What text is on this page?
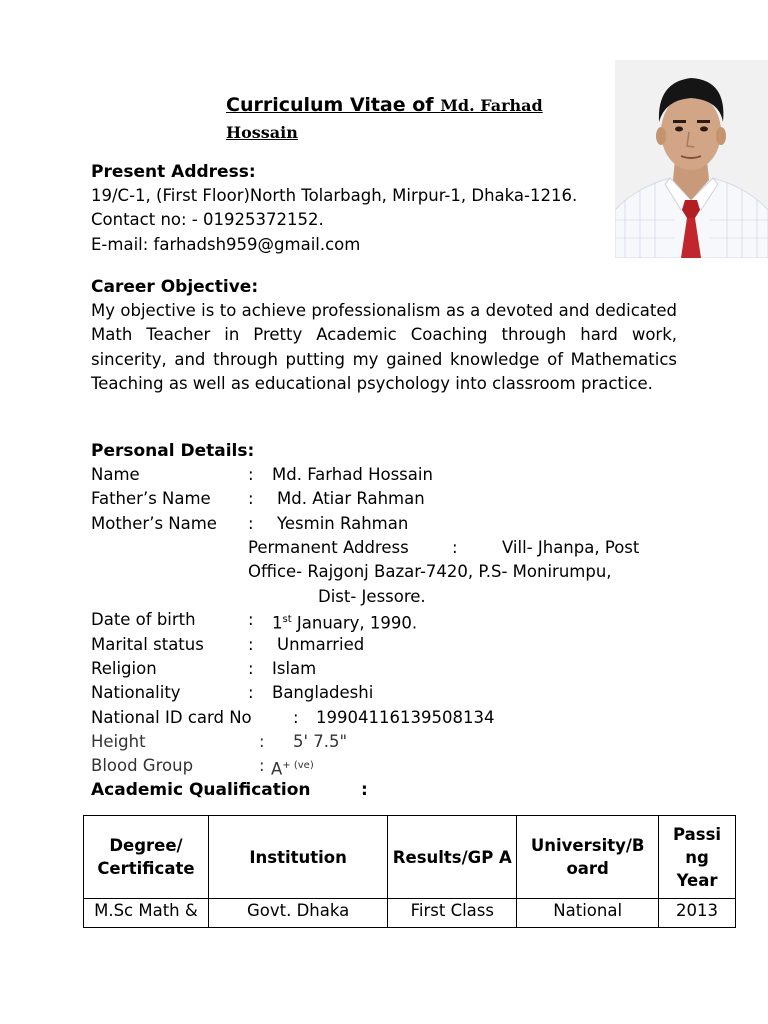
Curriculum Vitae of Md. Farhad
Hossain
Present Address:
19/C-1, (First Floor)North Tolarbagh, Mirpur-1, Dhaka-1216.
Contact no: - 01925372152.
E-mail: farhadsh959@gmail.com
Career Objective:
My objective is to achieve professionalism as a devoted and dedicated Math Teacher in Pretty Academic Coaching through hard work, sincerity, and through putting my gained knowledge of Mathematics Teaching as well as educational psychology into classroom practice.
Personal Details:
Name	: Md. Farhad Hossain
Father’s Name : Md. Atiar Rahman
Mother’s Name : Yesmin Rahman
Permanent Address	:	Vill- Jhanpa, Post
Office- Rajgonj Bazar-7420, P.S- Monirumpu,
Dist- Jessore.
Date of birth	: 1st January, 1990.
Marital status	: Unmarried
Religion	: Islam
Nationality	: Bangladeshi
National ID card No	: 19904116139508134
Height	: 5' 7.5"
Blood Group	: $A^{+ (ve)}$
Academic Qualification	:
Degree/ Certificate	Institution	Results/GP A	University/B oard	Passi ng Year
M.Sc Math &	Govt. Dhaka	First Class	National	2013
